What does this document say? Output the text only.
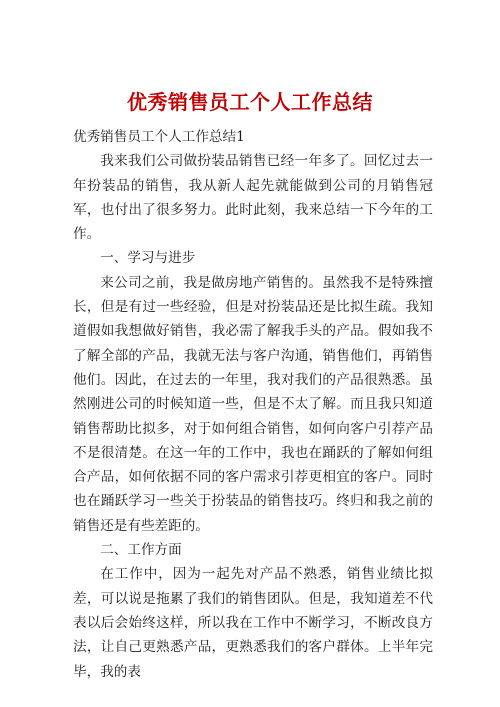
优秀销售员工个人工作总结

优秀销售员工个人工作总结1

我来我们公司做扮装品销售已经一年多了。回忆过去一年扮装品的销售，我从新人起先就能做到公司的月销售冠军，也付出了很多努力。此时此刻，我来总结一下今年的工作。

一、学习与进步

来公司之前，我是做房地产销售的。虽然我不是特殊擅长，但是有过一些经验，但是对扮装品还是比拟生疏。我知道假如我想做好销售，我必需了解我手头的产品。假如我不了解全部的产品，我就无法与客户沟通，销售他们，再销售他们。因此，在过去的一年里，我对我们的产品很熟悉。虽然刚进公司的时候知道一些，但是不太了解。而且我只知道销售帮助比拟多，对于如何组合销售，如何向客户引荐产品不是很清楚。在这一年的工作中，我也在踊跃的了解如何组合产品，如何依据不同的客户需求引荐更相宜的客户。同时也在踊跃学习一些关于扮装品的销售技巧。终归和我之前的销售还是有些差距的。

二、工作方面

在工作中，因为一起先对产品不熟悉，销售业绩比拟差，可以说是拖累了我们的销售团队。但是，我知道差不代表以后会始终这样，所以我在工作中不断学习，不断改良方法，让自己更熟悉产品，更熟悉我们的客户群体。上半年完毕，我的表
